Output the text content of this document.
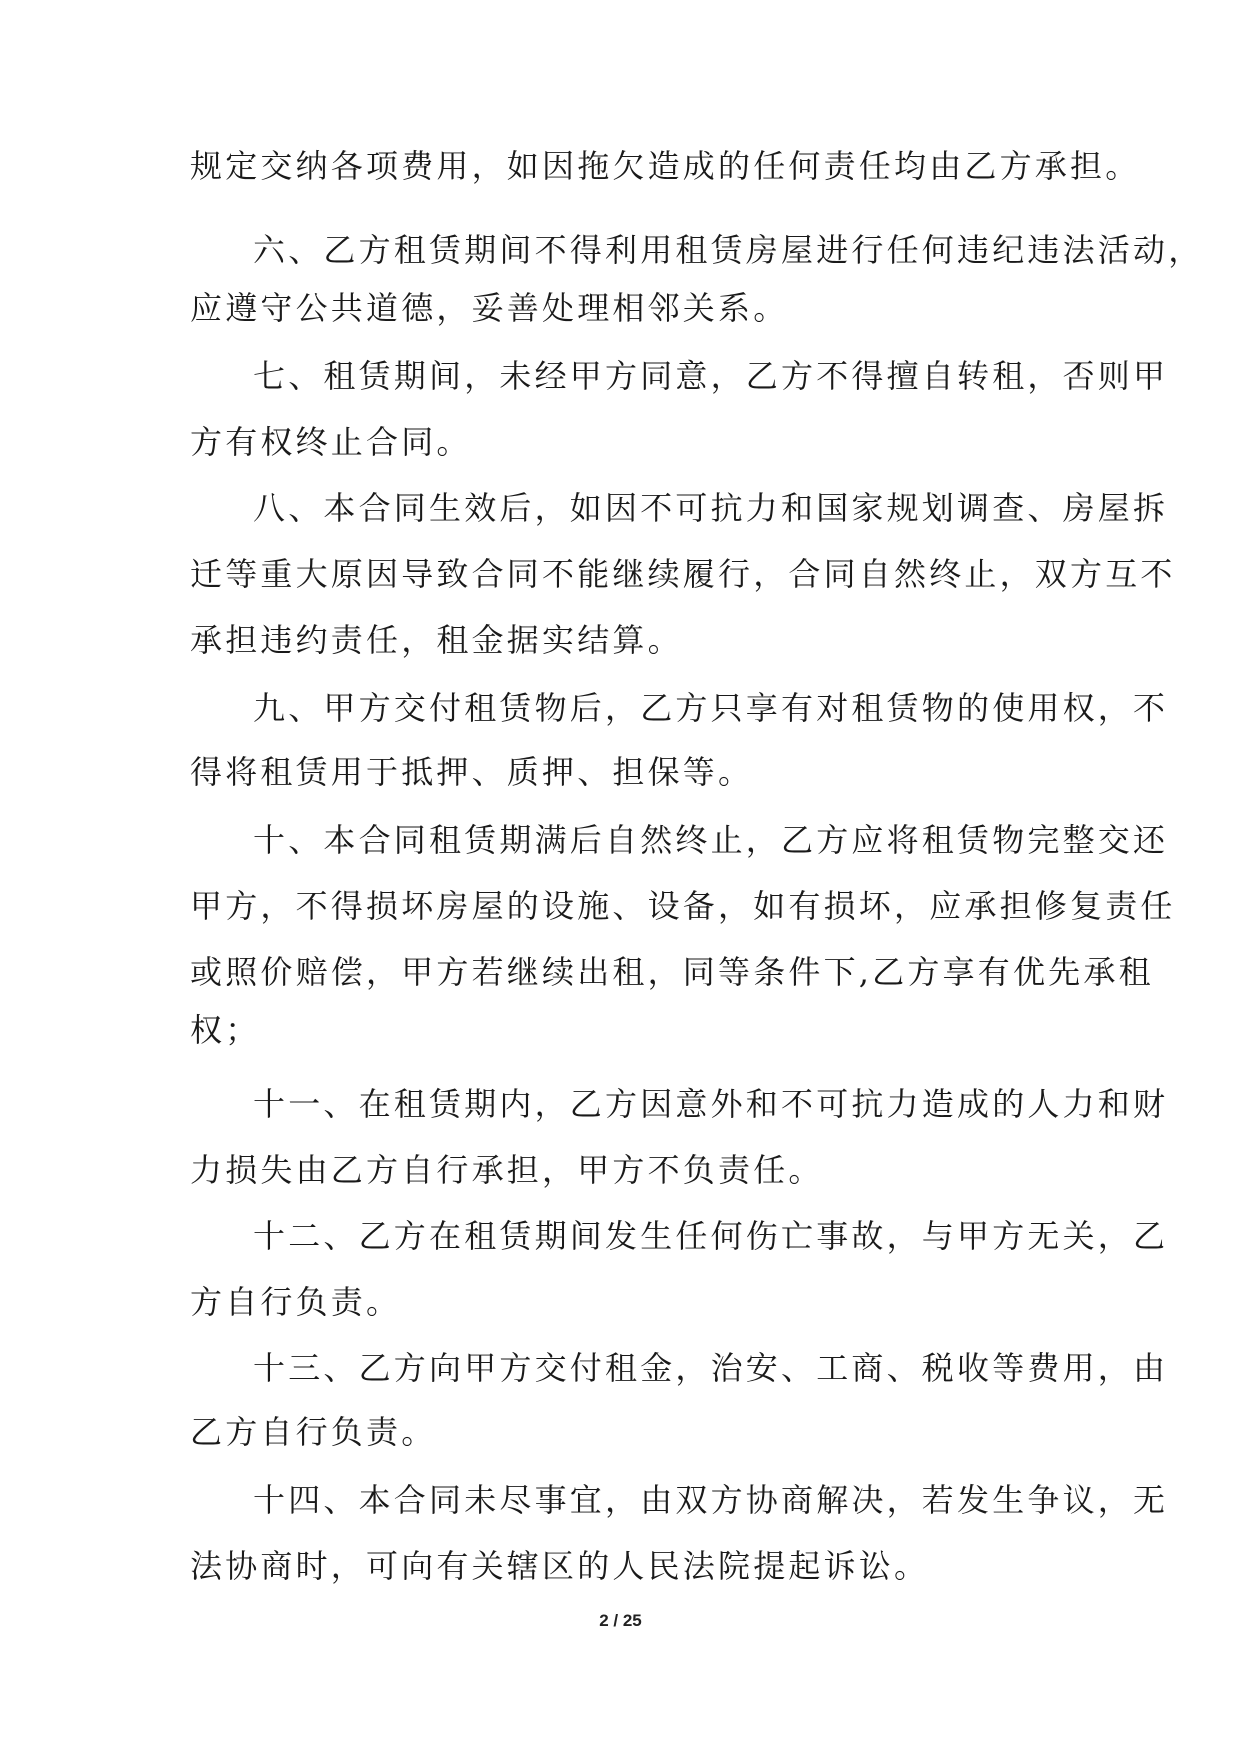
规定交纳各项费用，如因拖欠造成的任何责任均由乙方承担。
六、乙方租赁期间不得利用租赁房屋进行任何违纪违法活动，
应遵守公共道德，妥善处理相邻关系。
七、租赁期间，未经甲方同意，乙方不得擅自转租，否则甲
方有权终止合同。
八、本合同生效后，如因不可抗力和国家规划调查、房屋拆
迁等重大原因导致合同不能继续履行，合同自然终止，双方互不
承担违约责任，租金据实结算。
九、甲方交付租赁物后，乙方只享有对租赁物的使用权，不
得将租赁用于抵押、质押、担保等。
十、本合同租赁期满后自然终止，乙方应将租赁物完整交还
甲方，不得损坏房屋的设施、设备，如有损坏，应承担修复责任
或照价赔偿，甲方若继续出租，同等条件下,乙方享有优先承租
权；
十一、在租赁期内，乙方因意外和不可抗力造成的人力和财
力损失由乙方自行承担，甲方不负责任。
十二、乙方在租赁期间发生任何伤亡事故，与甲方无关，乙
方自行负责。
十三、乙方向甲方交付租金，治安、工商、税收等费用，由
乙方自行负责。
十四、本合同未尽事宜，由双方协商解决，若发生争议，无
法协商时，可向有关辖区的人民法院提起诉讼。
2 / 25
